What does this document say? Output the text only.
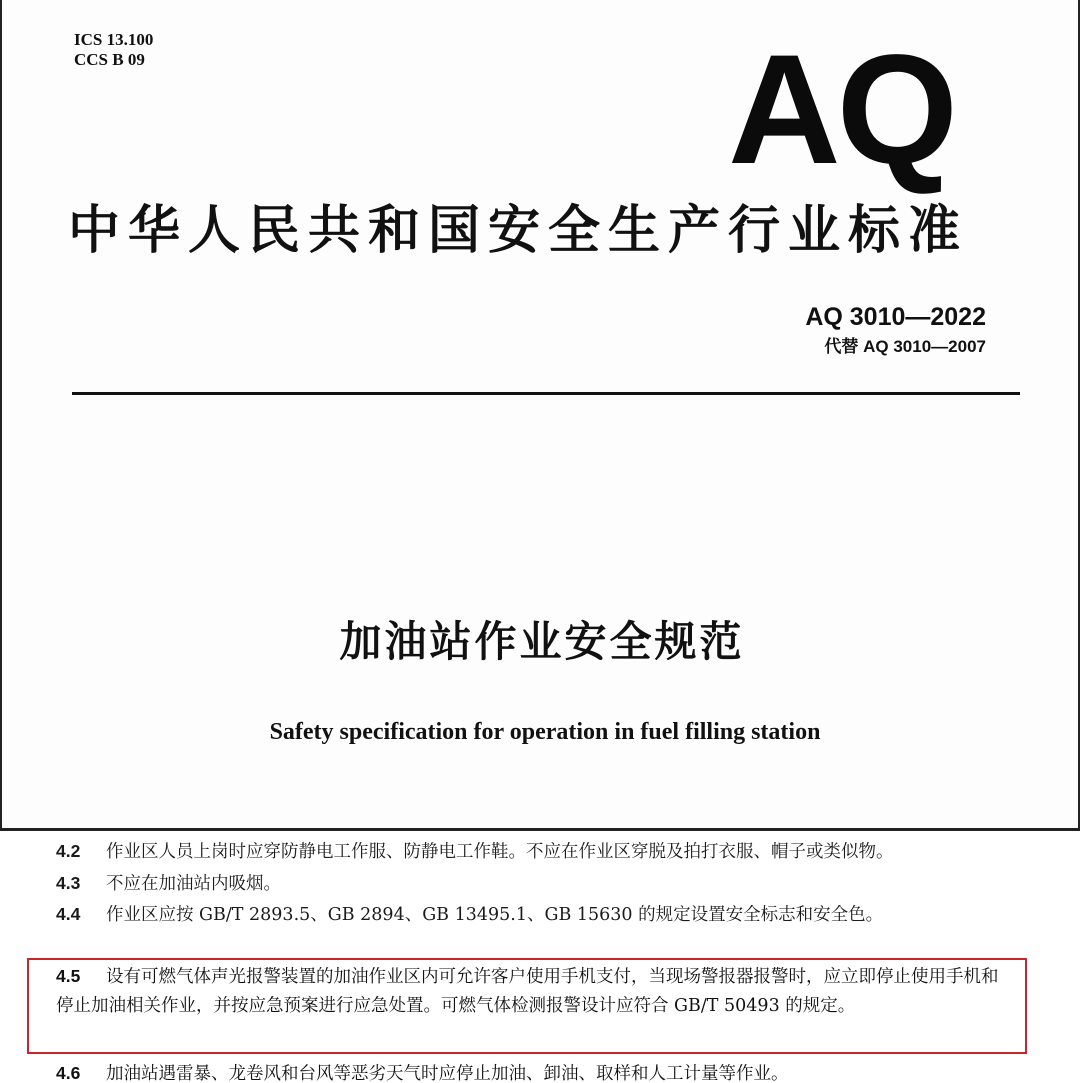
ICS 13.100
CCS B 09	AQ
中华人民共和国安全生产行业标准
AQ 3010—2022
代替 AQ 3010—2007
加油站作业安全规范
Safety specification for operation in fuel filling station

4.2 作业区人员上岗时应穿防静电工作服、防静电工作鞋。不应在作业区穿脱及拍打衣服、帽子或类似物。

4.3 不应在加油站内吸烟。

4.4 作业区应按 GB/T 2893.5、GB 2894、GB 13495.1、GB 15630 的规定设置安全标志和安全色。

4.5 设有可燃气体声光报警装置的加油作业区内可允许客户使用手机支付，当现场警报器报警时，应立即停止使用手机和停止加油相关作业，并按应急预案进行应急处置。可燃气体检测报警设计应符合 GB/T 50493 的规定。

4.6 加油站遇雷暴、龙卷风和台风等恶劣天气时应停止加油、卸油、取样和人工计量等作业。
